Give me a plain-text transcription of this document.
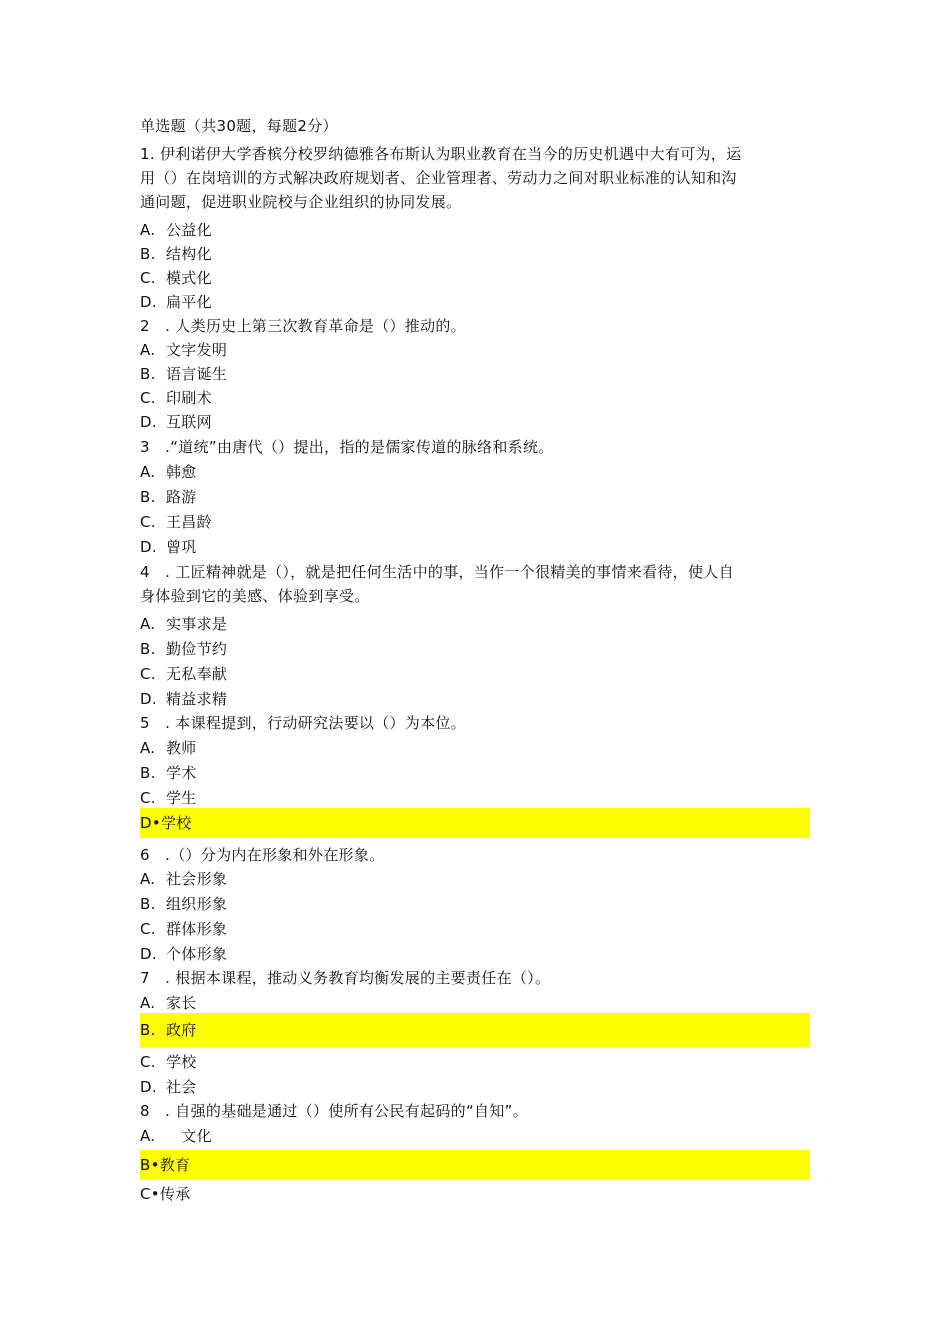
单选题（共30题，每题2分）
1. 伊利诺伊大学香槟分校罗纳德雅各布斯认为职业教育在当今的历史机遇中大有可为，运
用（）在岗培训的方式解决政府规划者、企业管理者、劳动力之间对职业标准的认知和沟
通问题，促进职业院校与企业组织的协同发展。
A. 公益化
B. 结构化
C. 模式化
D. 扁平化
2　. 人类历史上第三次教育革命是（）推动的。
A. 文字发明
B. 语言诞生
C. 印刷术
D. 互联网
3　.“道统”由唐代（）提出，指的是儒家传道的脉络和系统。
A. 韩愈
B. 路游
C. 王昌龄
D. 曾巩
4　. 工匠精神就是（），就是把任何生活中的事，当作一个很精美的事情来看待，使人自
身体验到它的美感、体验到享受。
A. 实事求是
B. 勤俭节约
C. 无私奉献
D. 精益求精
5　. 本课程提到，行动研究法要以（）为本位。
A. 教师
B. 学术
C. 学生
D•学校
6　.（）分为内在形象和外在形象。
A. 社会形象
B. 组织形象
C. 群体形象
D. 个体形象
7　. 根据本课程，推动义务教育均衡发展的主要责任在（）。
A. 家长
B. 政府
C. 学校
D. 社会
8　. 自强的基础是通过（）使所有公民有起码的“自知”。
A.　文化
B•教育
C•传承
